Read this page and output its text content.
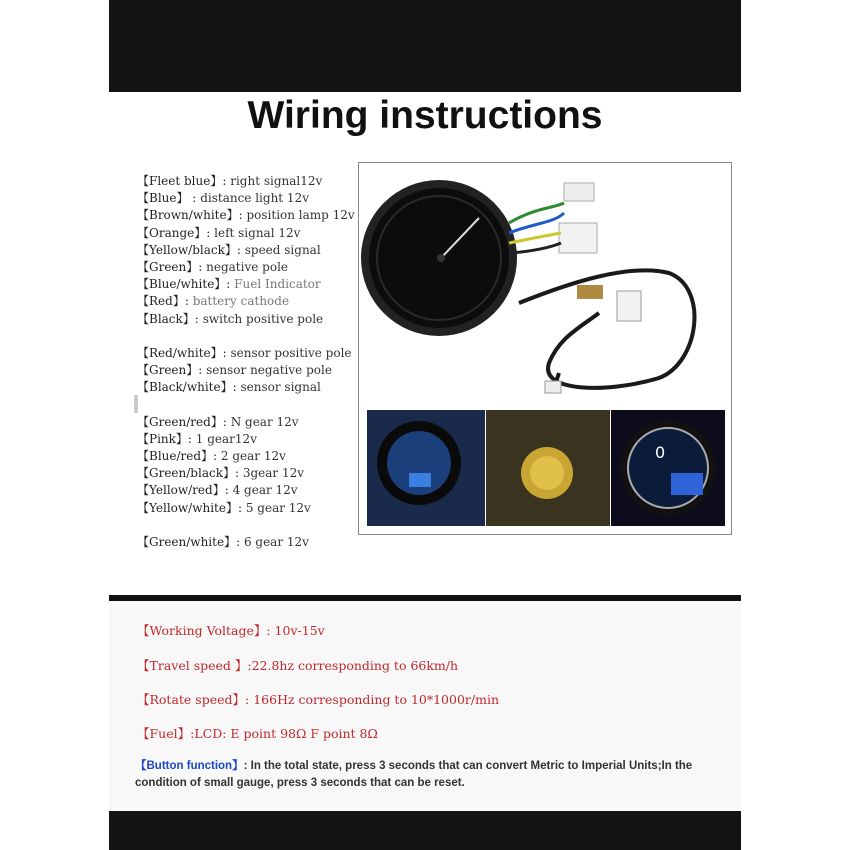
Wiring instructions
【Fleet blue】: right signal12v
【Blue】 : distance light 12v
【Brown/white】: position lamp 12v
【Orange】: left signal 12v
【Yellow/black】: speed signal
【Green】: negative pole
【Blue/white】: Fuel Indicator
【Red】: battery cathode
【Black】: switch positive pole
【Red/white】: sensor positive pole
【Green】: sensor negative pole
【Black/white】: sensor signal
【Green/red】: N gear 12v
【Pink】: 1 gear12v
【Blue/red】: 2 gear 12v
【Green/black】: 3gear 12v
【Yellow/red】: 4 gear 12v
【Yellow/white】: 5 gear 12v
【Green/white】: 6 gear 12v
0
【Working Voltage】: 10v-15v
【Travel speed 】:22.8hz corresponding to 66km/h
【Rotate speed】: 166Hz corresponding to 10*1000r/min
【Fuel】:LCD: E point 98Ω F point 8Ω
【Button function】: In the total state, press 3 seconds that can convert Metric to Imperial Units;In the condition of small gauge, press 3 seconds that can be reset.
